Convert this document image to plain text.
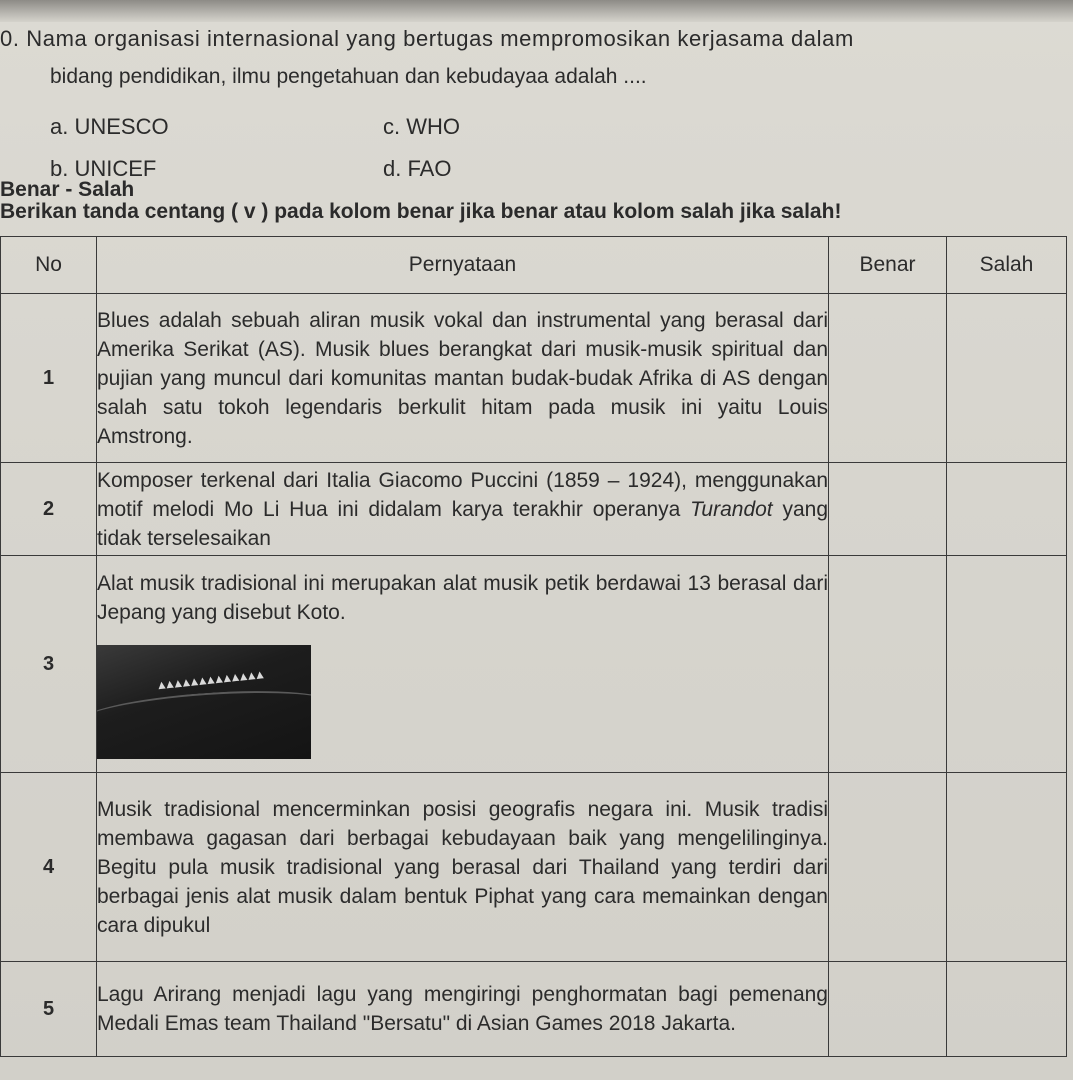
0. Nama organisasi internasional yang bertugas mempromosikan kerjasama dalam
bidang pendidikan, ilmu pengetahuan dan kebudayaa adalah ....
a. UNESCO	c. WHO
b. UNICEF	d. FAO
Benar - Salah
Berikan tanda centang ( v ) pada kolom benar jika benar atau kolom salah jika salah!
No	Pernyataan	Benar	Salah
1	Blues adalah sebuah aliran musik vokal dan instrumental yang berasal dari Amerika Serikat (AS). Musik blues berangkat dari musik-musik spiritual dan pujian yang muncul dari komunitas mantan budak-budak Afrika di AS dengan salah satu tokoh legendaris berkulit hitam pada musik ini yaitu Louis Amstrong.		
2	Komposer terkenal dari Italia Giacomo Puccini (1859 – 1924), menggunakan motif melodi Mo Li Hua ini didalam karya terakhir operanya Turandot yang tidak terselesaikan		
3	Alat musik tradisional ini merupakan alat musik petik berdawai 13 berasal dari Jepang yang disebut Koto.
▲▲▲▲▲▲▲▲▲▲▲▲▲		

4	Musik tradisional mencerminkan posisi geografis negara ini. Musik tradisi membawa gagasan dari berbagai kebudayaan baik yang mengelilinginya. Begitu pula musik tradisional yang berasal dari Thailand yang terdiri dari berbagai jenis alat musik dalam bentuk Piphat yang cara memainkan dengan cara dipukul		
5	Lagu Arirang menjadi lagu yang mengiringi penghormatan bagi pemenang Medali Emas team Thailand "Bersatu" di Asian Games 2018 Jakarta.		
